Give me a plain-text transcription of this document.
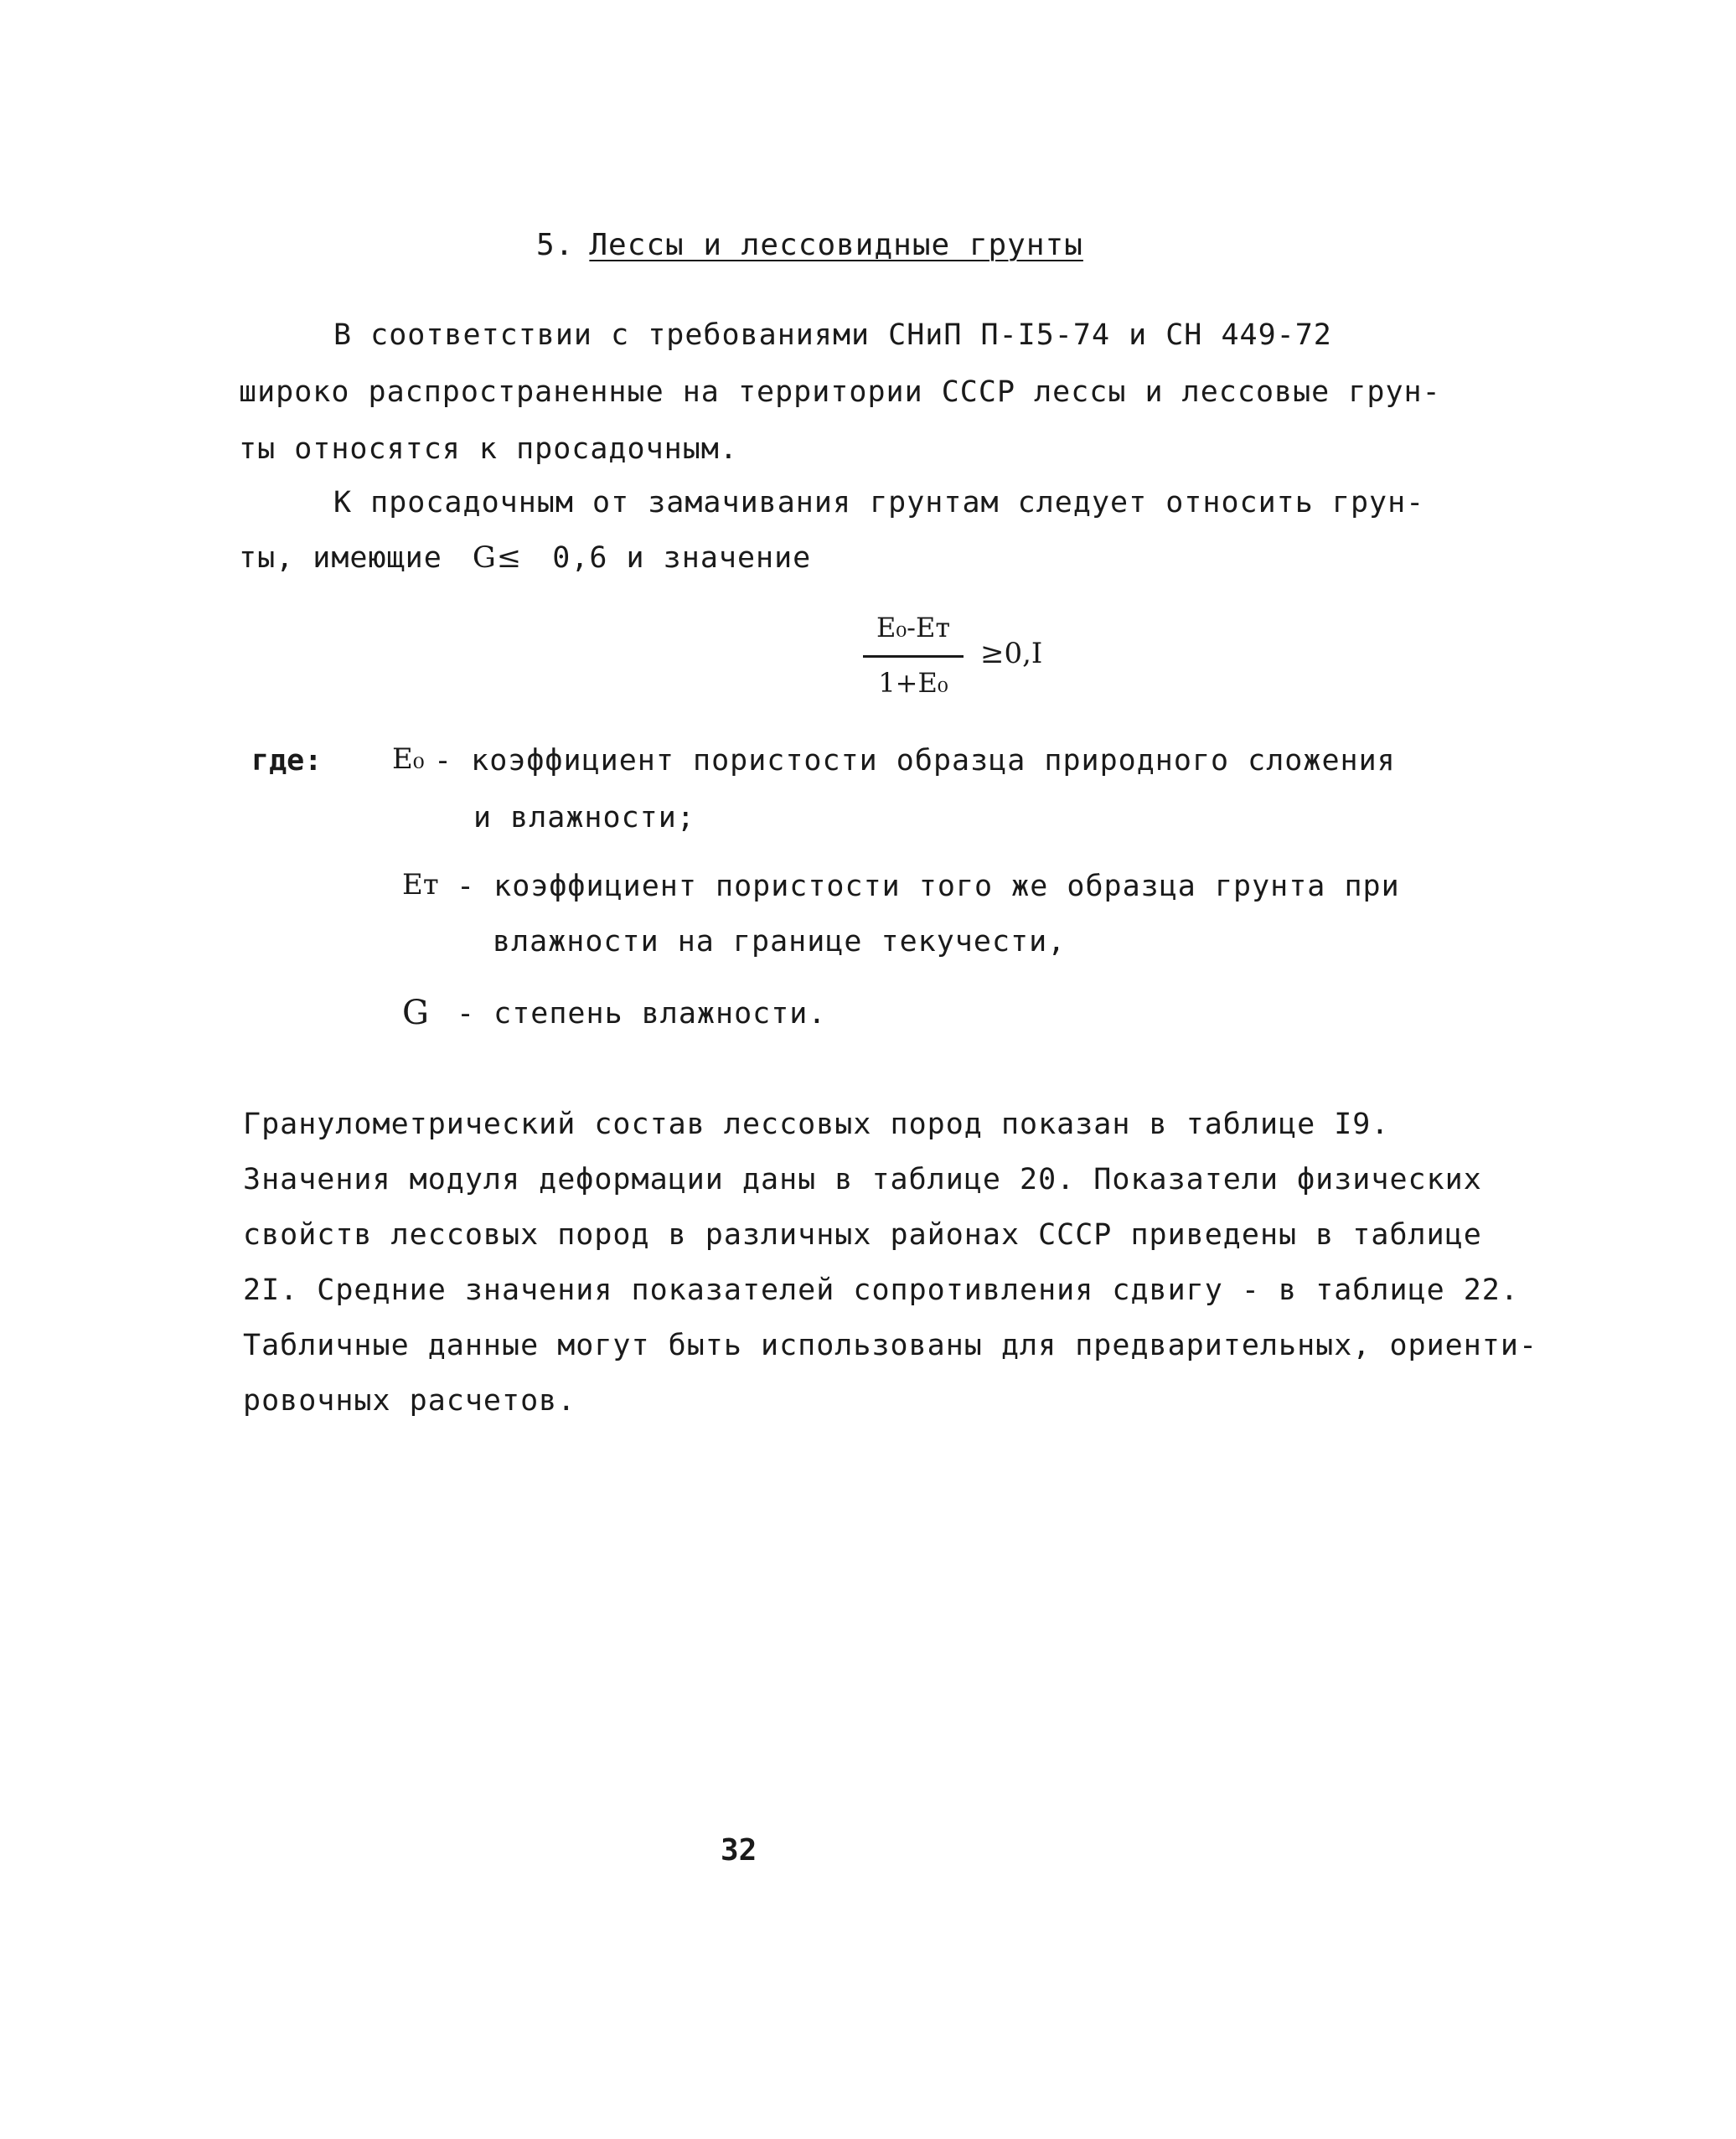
5. Лессы и лессовидные грунты
В соответствии с требованиями СНиП П-I5-74 и СН 449-72
широко распространенные на территории СССР лессы и лессовые грун-
ты относятся к просадочным.
К просадочным от замачивания грунтам следует относить грун-
ты, имеющие G≤ 0,6 и значение
E₀-Eт
1+E₀
≥0,I
где: E₀ - коэффициент пористости образца природного сложения
и влажности;
Eт - коэффициент пористости того же образца грунта при
влажности на границе текучести,
G - степень влажности.
Гранулометрический состав лессовых пород показан в таблице I9.
Значения модуля деформации даны в таблице 20. Показатели физических
свойств лессовых пород в различных районах СССР приведены в таблице
2I. Средние значения показателей сопротивления сдвигу - в таблице 22.
Табличные данные могут быть использованы для предварительных, ориенти-
ровочных расчетов.
32
